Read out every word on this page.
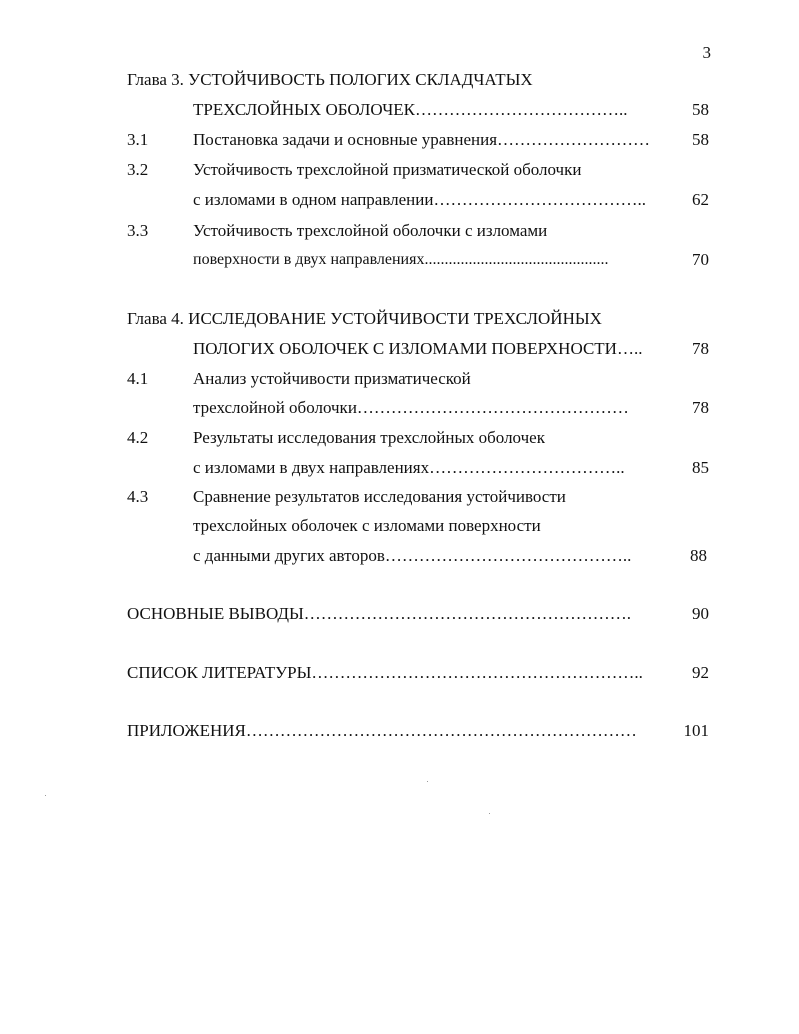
3
Глава 3. УСТОЙЧИВОСТЬ ПОЛОГИХ СКЛАДЧАТЫХ
ТРЕХСЛОЙНЫХ ОБОЛОЧЕК………………………………..	58
3.1	Постановка задачи и основные уравнения……………………… 58
3.2	Устойчивость трехслойной призматической оболочки
с изломами в одном направлении………………………………..	62
3.3	Устойчивость трехслойной оболочки с изломами
поверхности в двух направлениях..............................................	70
Глава 4. ИССЛЕДОВАНИЕ УСТОЙЧИВОСТИ ТРЕХСЛОЙНЫХ
ПОЛОГИХ ОБОЛОЧЕК С ИЗЛОМАМИ ПОВЕРХНОСТИ…..	78
4.1	Анализ устойчивости призматической
трехслойной оболочки…………………………………………	78
4.2	Результаты исследования трехслойных оболочек
с изломами в двух направлениях……………………………..	85
4.3	Сравнение результатов исследования устойчивости
трехслойных оболочек с изломами поверхности
с данными других авторов……………………………………..	88
ОСНОВНЫЕ ВЫВОДЫ………………………………………………….	90
СПИСОК ЛИТЕРАТУРЫ…………………………………………………..	92
ПРИЛОЖЕНИЯ……………………………………………………………	101
